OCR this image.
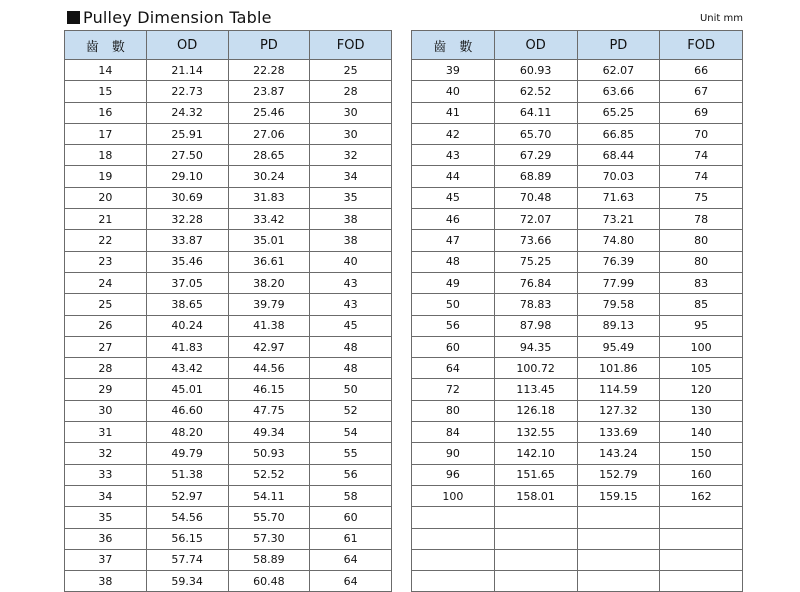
Pulley Dimension Table	Unit mm
齒　數	OD	PD	FOD
14	21.14	22.28	25
15	22.73	23.87	28
16	24.32	25.46	30
17	25.91	27.06	30
18	27.50	28.65	32
19	29.10	30.24	34
20	30.69	31.83	35
21	32.28	33.42	38
22	33.87	35.01	38
23	35.46	36.61	40
24	37.05	38.20	43
25	38.65	39.79	43
26	40.24	41.38	45
27	41.83	42.97	48
28	43.42	44.56	48
29	45.01	46.15	50
30	46.60	47.75	52
31	48.20	49.34	54
32	49.79	50.93	55
33	51.38	52.52	56
34	52.97	54.11	58
35	54.56	55.70	60
36	56.15	57.30	61
37	57.74	58.89	64
38	59.34	60.48	64
齒　數	OD	PD	FOD
39	60.93	62.07	66
40	62.52	63.66	67
41	64.11	65.25	69
42	65.70	66.85	70
43	67.29	68.44	74
44	68.89	70.03	74
45	70.48	71.63	75
46	72.07	73.21	78
47	73.66	74.80	80
48	75.25	76.39	80
49	76.84	77.99	83
50	78.83	79.58	85
56	87.98	89.13	95
60	94.35	95.49	100
64	100.72	101.86	105
72	113.45	114.59	120
80	126.18	127.32	130
84	132.55	133.69	140
90	142.10	143.24	150
96	151.65	152.79	160
100	158.01	159.15	162
